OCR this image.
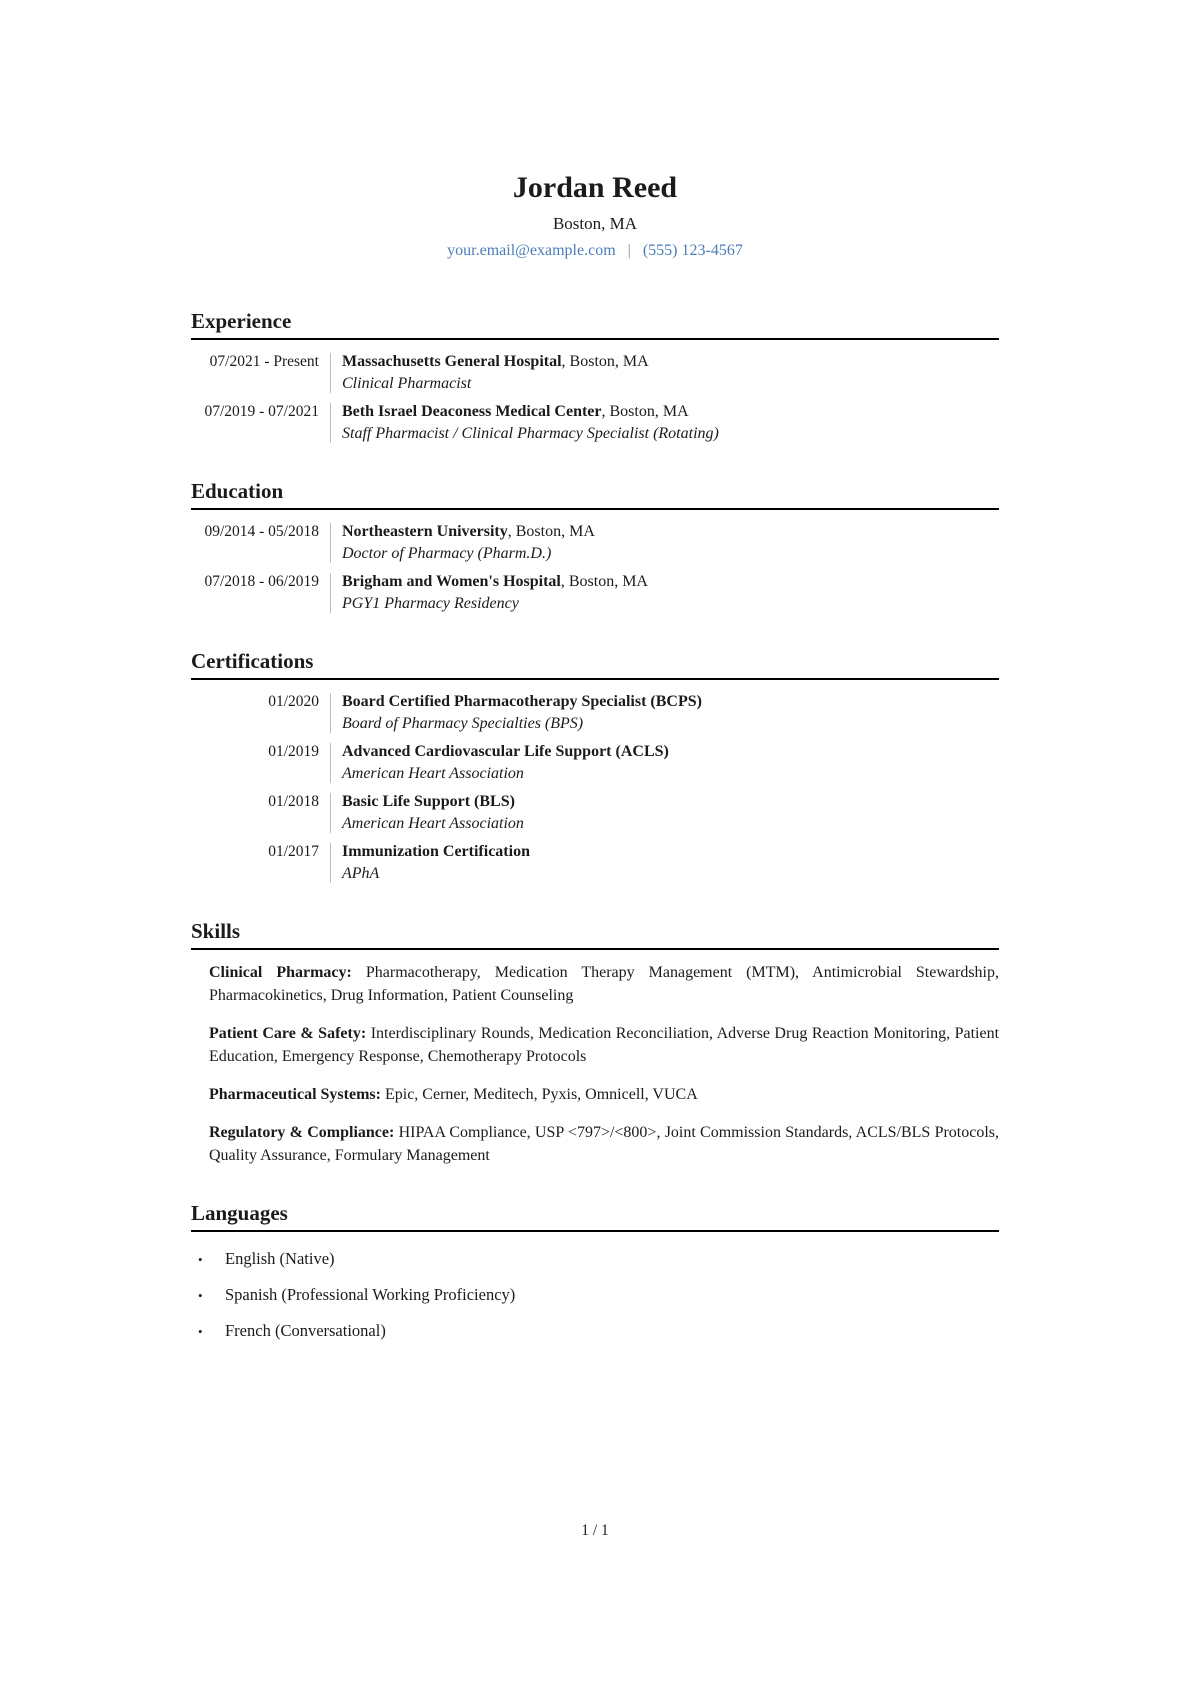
Jordan Reed
Boston, MA
your.email@example.com | (555) 123-4567
Experience
07/2021 - Present Massachusetts General Hospital, Boston, MA
Clinical Pharmacist
07/2019 - 07/2021 Beth Israel Deaconess Medical Center, Boston, MA
Staff Pharmacist / Clinical Pharmacy Specialist (Rotating)
Education
09/2014 - 05/2018 Northeastern University, Boston, MA
Doctor of Pharmacy (Pharm.D.)
07/2018 - 06/2019 Brigham and Women's Hospital, Boston, MA
PGY1 Pharmacy Residency
Certifications
01/2020 Board Certified Pharmacotherapy Specialist (BCPS)
Board of Pharmacy Specialties (BPS)
01/2019 Advanced Cardiovascular Life Support (ACLS)
American Heart Association
01/2018 Basic Life Support (BLS)
American Heart Association
01/2017 Immunization Certification
APhA
Skills

Clinical Pharmacy: Pharmacotherapy, Medication Therapy Management (MTM), Antimicrobial Stewardship, Pharmacokinetics, Drug Information, Patient Counseling

Patient Care & Safety: Interdisciplinary Rounds, Medication Reconciliation, Adverse Drug Reaction Monitoring, Patient Education, Emergency Response, Chemotherapy Protocols

Pharmaceutical Systems: Epic, Cerner, Meditech, Pyxis, Omnicell, VUCA

Regulatory & Compliance: HIPAA Compliance, USP <797>/<800>, Joint Commission Standards, ACLS/BLS Protocols, Quality Assurance, Formulary Management

Languages
•	English (Native)
•	Spanish (Professional Working Proficiency)
•	French (Conversational)
1 / 1
